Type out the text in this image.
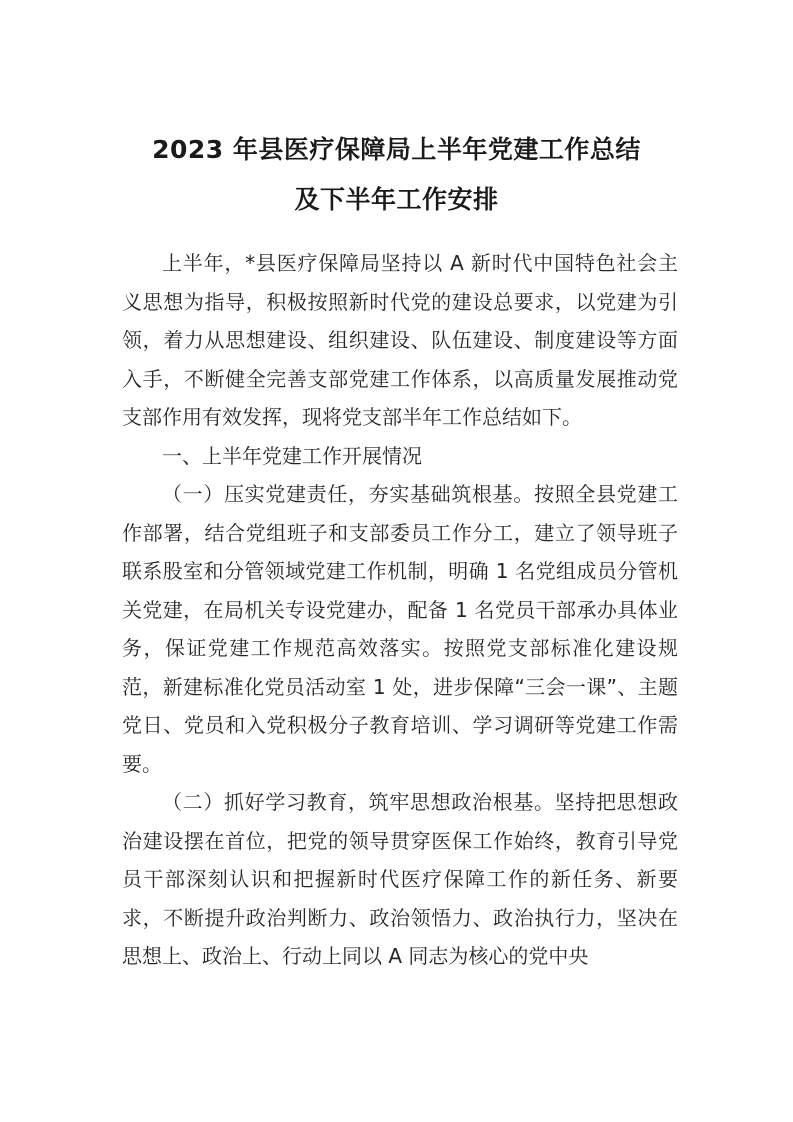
2023 年县医疗保障局上半年党建工作总结
及下半年工作安排

上半年，*县医疗保障局坚持以 A 新时代中国特色社会主义思想为指导，积极按照新时代党的建设总要求，以党建为引领，着力从思想建设、组织建设、队伍建设、制度建设等方面入手，不断健全完善支部党建工作体系，以高质量发展推动党支部作用有效发挥，现将党支部半年工作总结如下。

一、上半年党建工作开展情况

（一）压实党建责任，夯实基础筑根基。按照全县党建工作部署，结合党组班子和支部委员工作分工，建立了领导班子联系股室和分管领域党建工作机制，明确 1 名党组成员分管机关党建，在局机关专设党建办，配备 1 名党员干部承办具体业务，保证党建工作规范高效落实。按照党支部标准化建设规范，新建标准化党员活动室 1 处，进步保障“三会一课”、主题党日、党员和入党积极分子教育培训、学习调研等党建工作需要。

（二）抓好学习教育，筑牢思想政治根基。坚持把思想政治建设摆在首位，把党的领导贯穿医保工作始终，教育引导党员干部深刻认识和把握新时代医疗保障工作的新任务、新要求，不断提升政治判断力、政治领悟力、政治执行力，坚决在思想上、政治上、行动上同以 A 同志为核心的党中央
